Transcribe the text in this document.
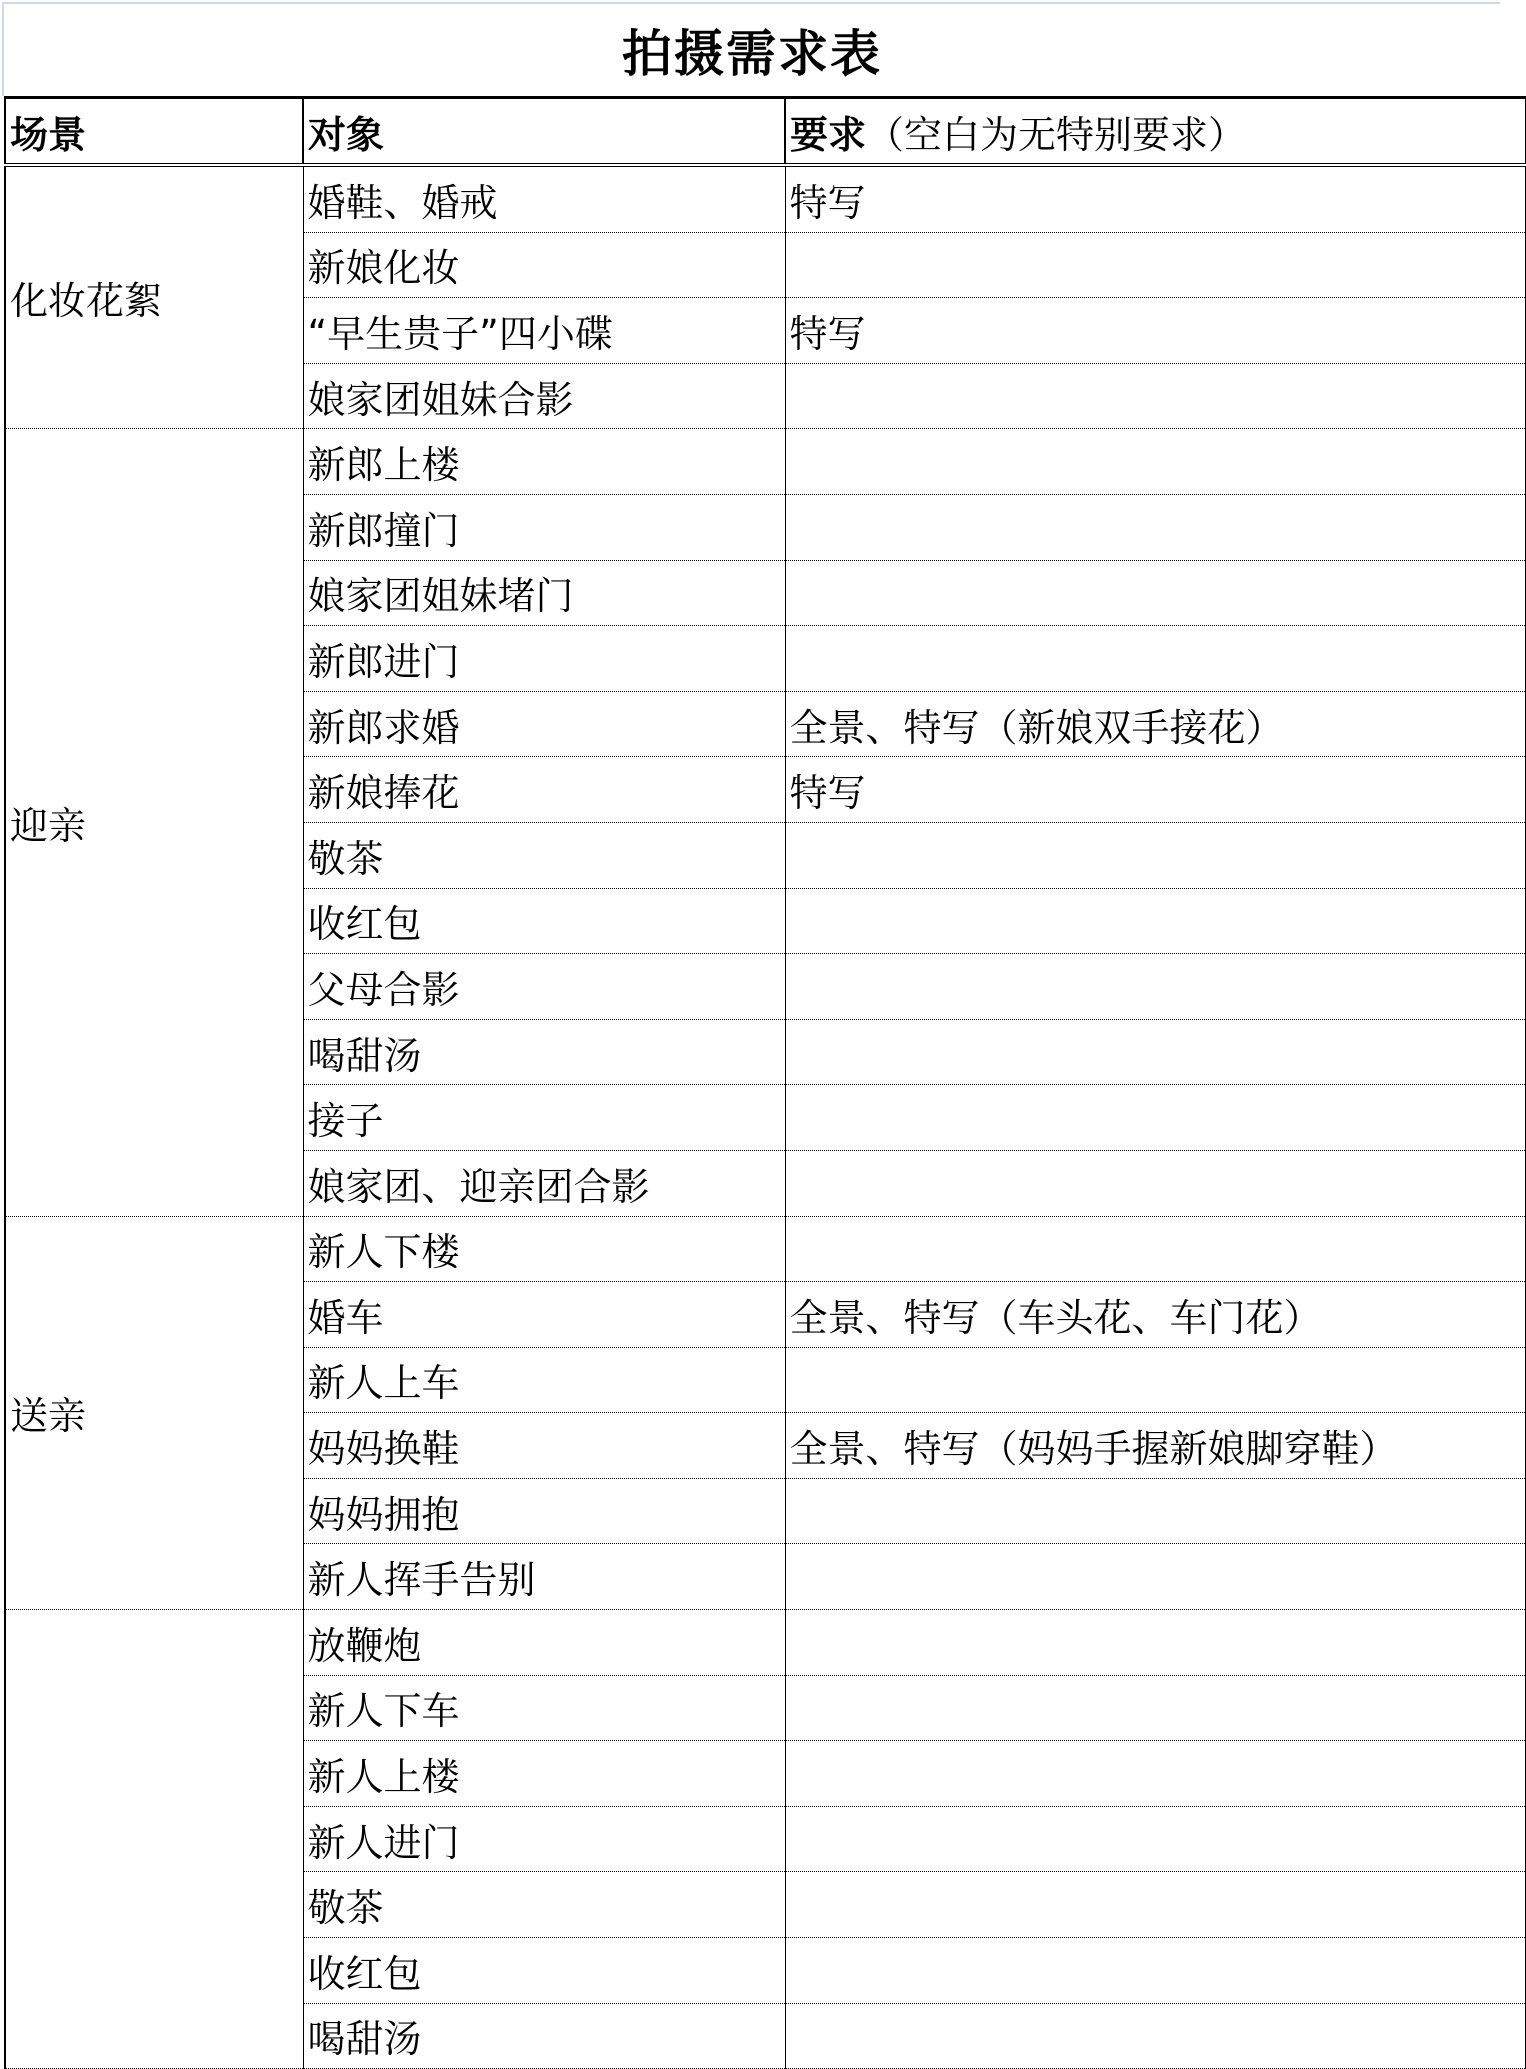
拍摄需求表
场景	对象	要求（空白为无特别要求）
化妆花絮	婚鞋、婚戒	特写
	新娘化妆	
	“早生贵子”四小碟	特写
	娘家团姐妹合影	
迎亲	新郎上楼	
	新郎撞门	
	娘家团姐妹堵门	
	新郎进门	
	新郎求婚	全景、特写（新娘双手接花）
	新娘捧花	特写
	敬茶	
	收红包	
	父母合影	
	喝甜汤	
	接子	
	娘家团、迎亲团合影	
送亲	新人下楼	
	婚车	全景、特写（车头花、车门花）
	新人上车	
	妈妈换鞋	全景、特写（妈妈手握新娘脚穿鞋）
	妈妈拥抱	
	新人挥手告别	
	放鞭炮	
	新人下车	
	新人上楼	
	新人进门	
	敬茶	
	收红包	
	喝甜汤	
